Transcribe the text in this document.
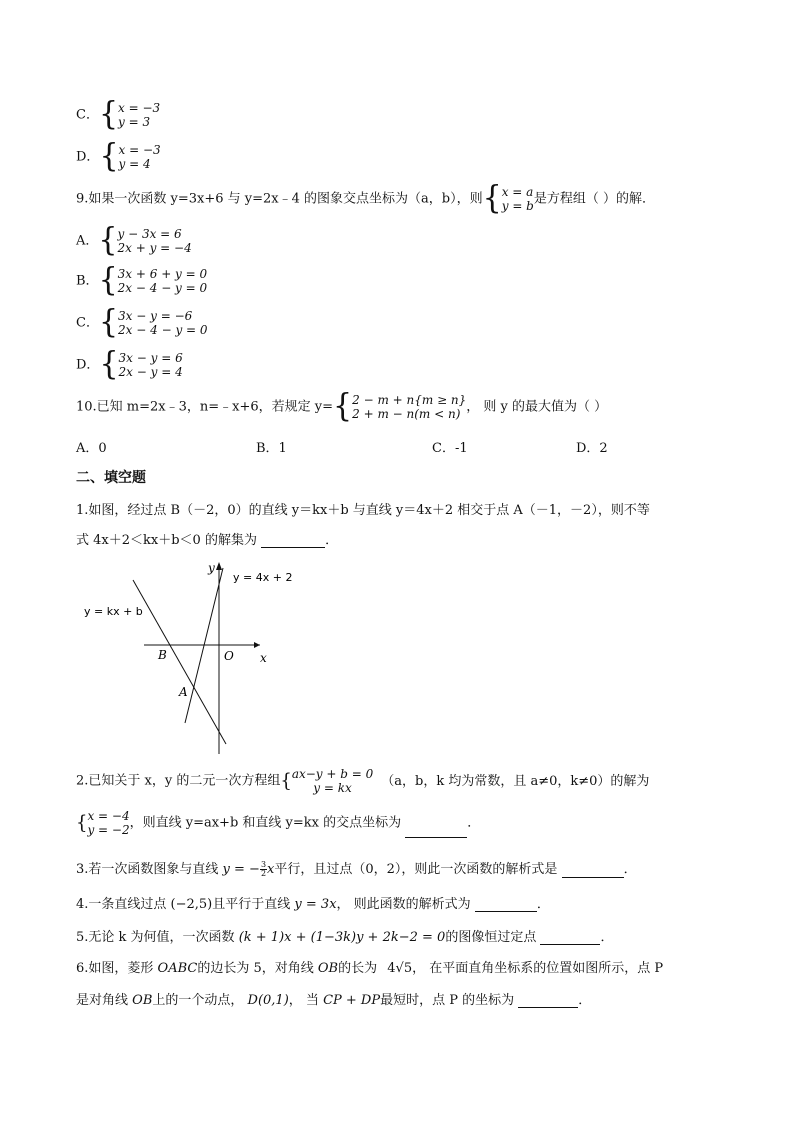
C．{ x = −3
y = 3
D．{ x = −3
y = 4
9.如果一次函数 y=3x+6 与 y=2x﹣4 的图象交点坐标为（a，b），则{ x = a
y = b 是方程组（ ）的解．
A．{ y − 3x = 6
2x + y = −4
B．{ 3x + 6 + y = 0
2x − 4 − y = 0
C．{ 3x − y = −6
2x − 4 − y = 0
D．{ 3x − y = 6
2x − y = 4
10.已知 m=2x﹣3，n=﹣x+6，若规定 y={ 2 − m + n{m ≥ n}
2 + m − n(m < n) ， 则 y 的最大值为（ ）
A．0	B．1	C．-1	D．2
二、填空题
1.如图，经过点 B（－2，0）的直线 y＝kx＋b 与直线 y＝4x＋2 相交于点 A（－1，－2），则不等
式 4x＋2＜kx＋b＜0 的解集为	．
y
x
O
B
A
y = 4x + 2
y = kx + b
2.已知关于 x，y 的二元一次方程组{ ax−y + b = 0
y = kx	（a，b，k 均为常数，且 a≠0，k≠0）的解为
{ x = −4
y = −2 ，则直线 y=ax+b 和直线 y=kx 的交点坐标为	．
3.若一次函数图象与直线 y = − $\frac{3}{2}$ x平行，且过点（0，2），则此一次函数的解析式是	．
4.一条直线过点 (−2,5)且平行于直线 y = 3x， 则此函数的解析式为	．
5.无论 k 为何值，一次函数 (k + 1)x + (1−3k)y + 2k−2 = 0的图像恒过定点	．
6.如图，菱形 OABC的边长为 5，对角线 OB的长为 4√5， 在平面直角坐标系的位置如图所示，点 P
是对角线 OB上的一个动点， D(0,1)， 当 CP + DP最短时，点 P 的坐标为	．
